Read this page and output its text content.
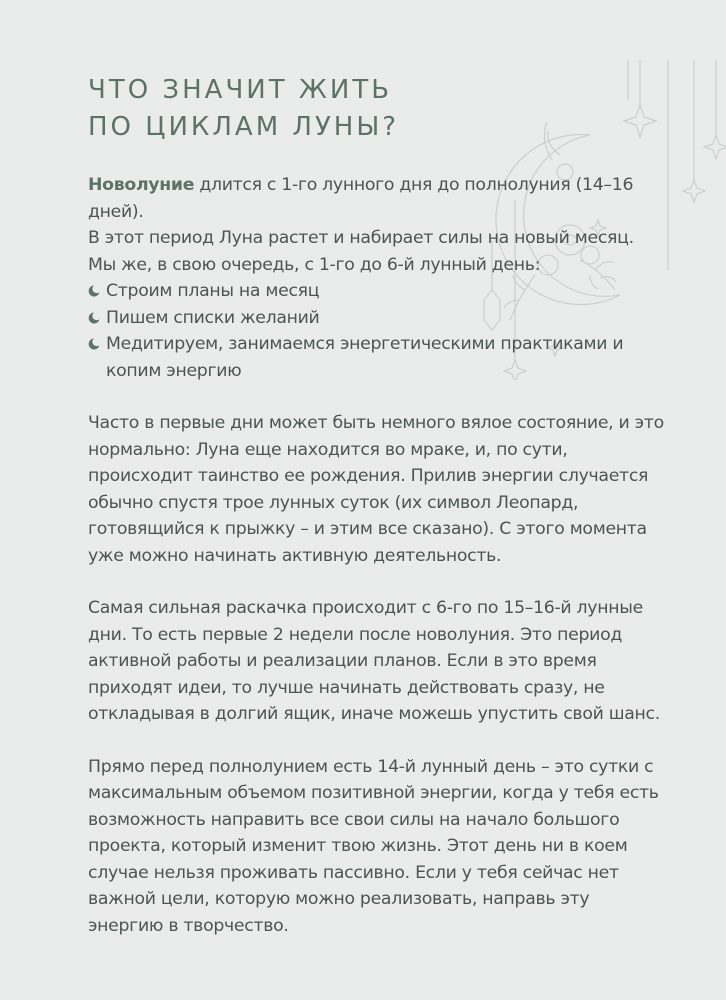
ЧТО ЗНАЧИТ ЖИТЬ
ПО ЦИКЛАМ ЛУНЫ?
Новолуние длится с 1-го лунного дня до полнолуния (14–16 дней).
В этот период Луна растет и набирает силы на новый месяц.
Мы же, в свою очередь, с 1-го до 6-й лунный день:
Строим планы на месяц
Пишем списки желаний
Медитируем, занимаемся энергетическими практиками и копим энергию

Часто в первые дни может быть немного вялое состояние, и это нормально: Луна еще находится во мраке, и, по сути, происходит таинство ее рождения. Прилив энергии случается обычно спустя трое лунных суток (их символ Леопард, готовящийся к прыжку – и этим все сказано). С этого момента уже можно начинать активную деятельность.

Самая сильная раскачка происходит с 6-го по 15–16-й лунные дни. То есть первые 2 недели после новолуния. Это период активной работы и реализации планов. Если в это время приходят идеи, то лучше начинать действовать сразу, не откладывая в долгий ящик, иначе можешь упустить свой шанс.

Прямо перед полнолунием есть 14-й лунный день – это сутки с максимальным объемом позитивной энергии, когда у тебя есть возможность направить все свои силы на начало большого проекта, который изменит твою жизнь. Этот день ни в коем случае нельзя проживать пассивно. Если у тебя сейчас нет важной цели, которую можно реализовать, направь эту энергию в творчество.
